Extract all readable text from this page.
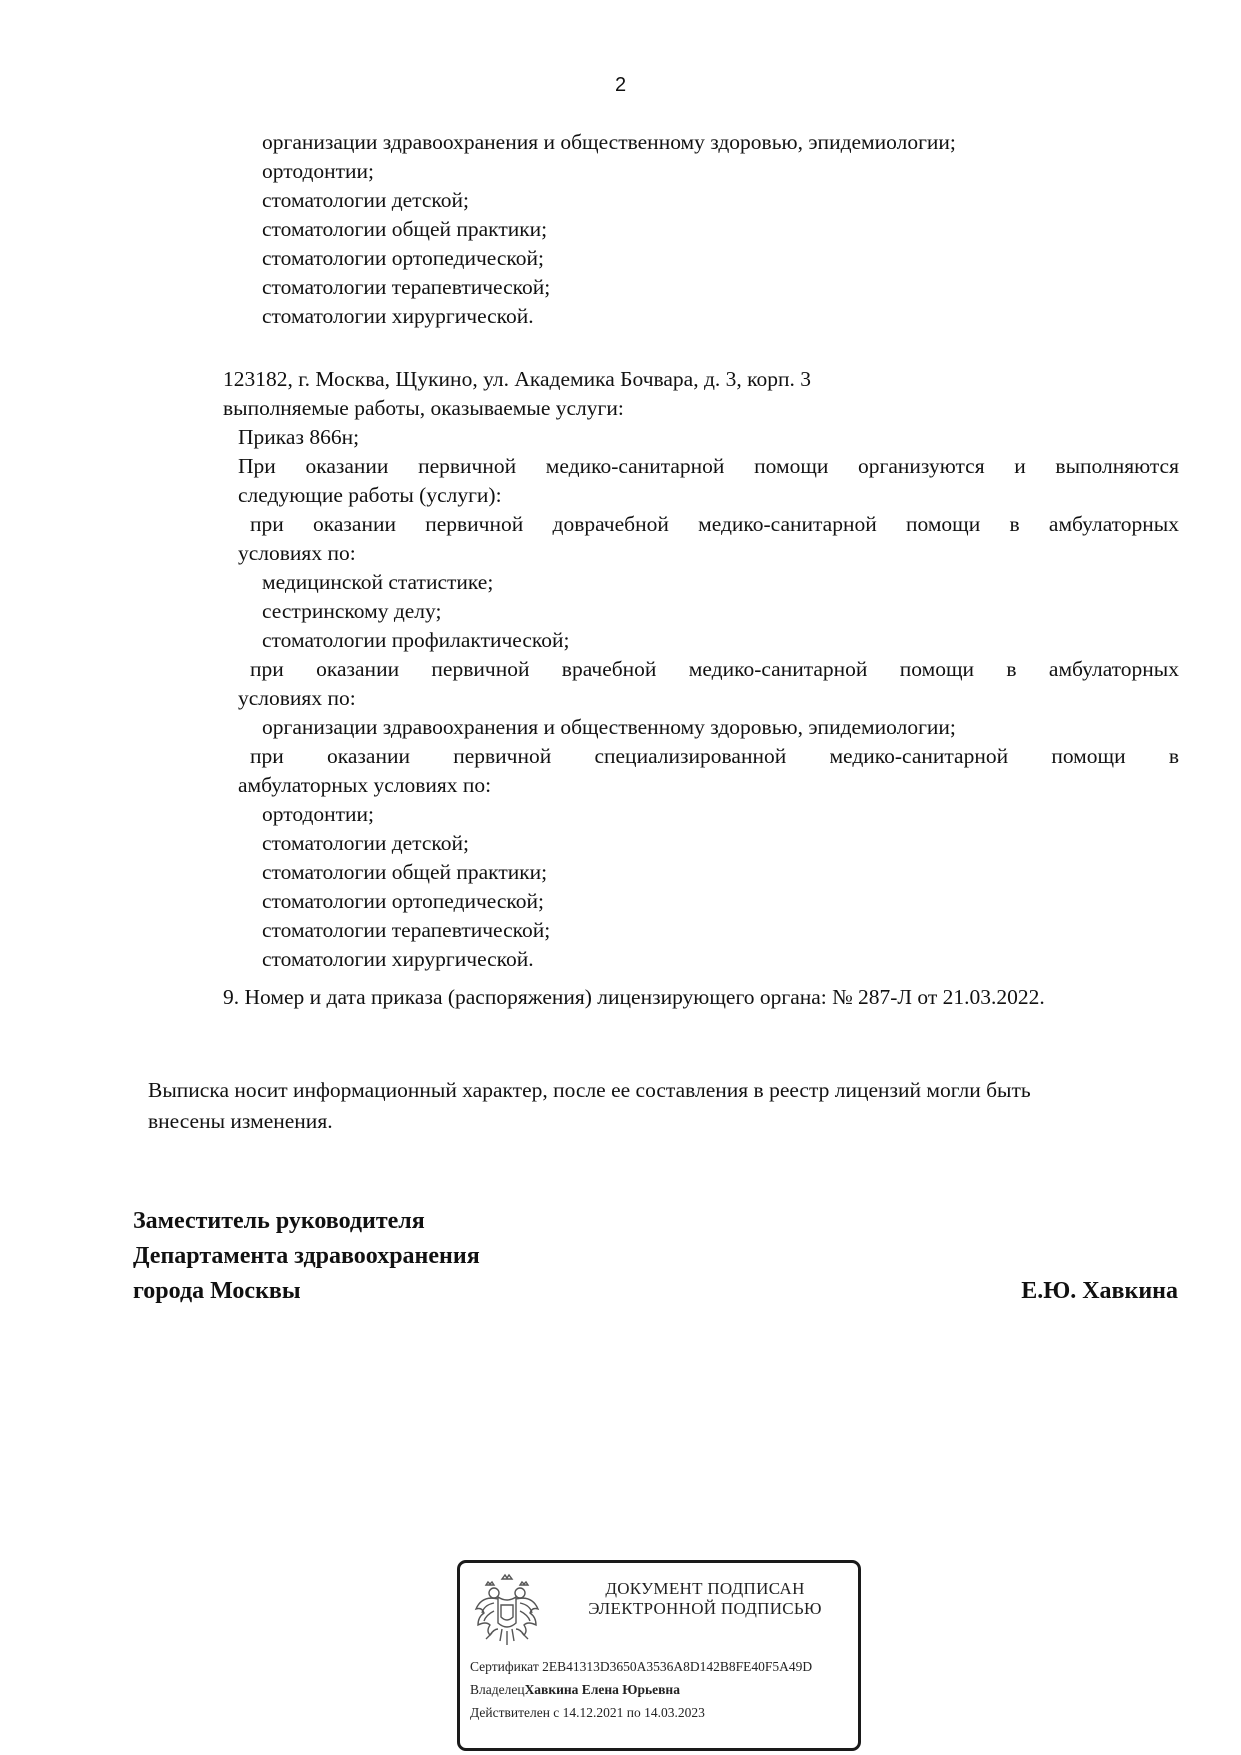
2
организации здравоохранения и общественному здоровью, эпидемиологии;
ортодонтии;
стоматологии детской;
стоматологии общей практики;
стоматологии ортопедической;
стоматологии терапевтической;
стоматологии хирургической.
123182, г. Москва, Щукино, ул. Академика Бочвара, д. 3, корп. 3
выполняемые работы, оказываемые услуги:
Приказ 866н;
При оказании первичной медико-санитарной помощи организуются и выполняются
следующие работы (услуги):
при оказании первичной доврачебной медико-санитарной помощи в амбулаторных
условиях по:
медицинской статистике;
сестринскому делу;
стоматологии профилактической;
при оказании первичной врачебной медико-санитарной помощи в амбулаторных
условиях по:
организации здравоохранения и общественному здоровью, эпидемиологии;
при оказании первичной специализированной медико-санитарной помощи в
амбулаторных условиях по:
ортодонтии;
стоматологии детской;
стоматологии общей практики;
стоматологии ортопедической;
стоматологии терапевтической;
стоматологии хирургической.
9. Номер и дата приказа (распоряжения) лицензирующего органа: № 287-Л от 21.03.2022.
Выписка носит информационный характер, после ее составления в реестр лицензий могли быть
внесены изменения.
Заместитель руководителя
Департамента здравоохранения
города Москвы	Е.Ю. Хавкина
ДОКУМЕНТ ПОДПИСАН
ЭЛЕКТРОННОЙ ПОДПИСЬЮ
Сертификат 2EB41313D3650A3536A8D142B8FE40F5A49D
ВладелецХавкина Елена Юрьевна
Действителен с 14.12.2021 по 14.03.2023
